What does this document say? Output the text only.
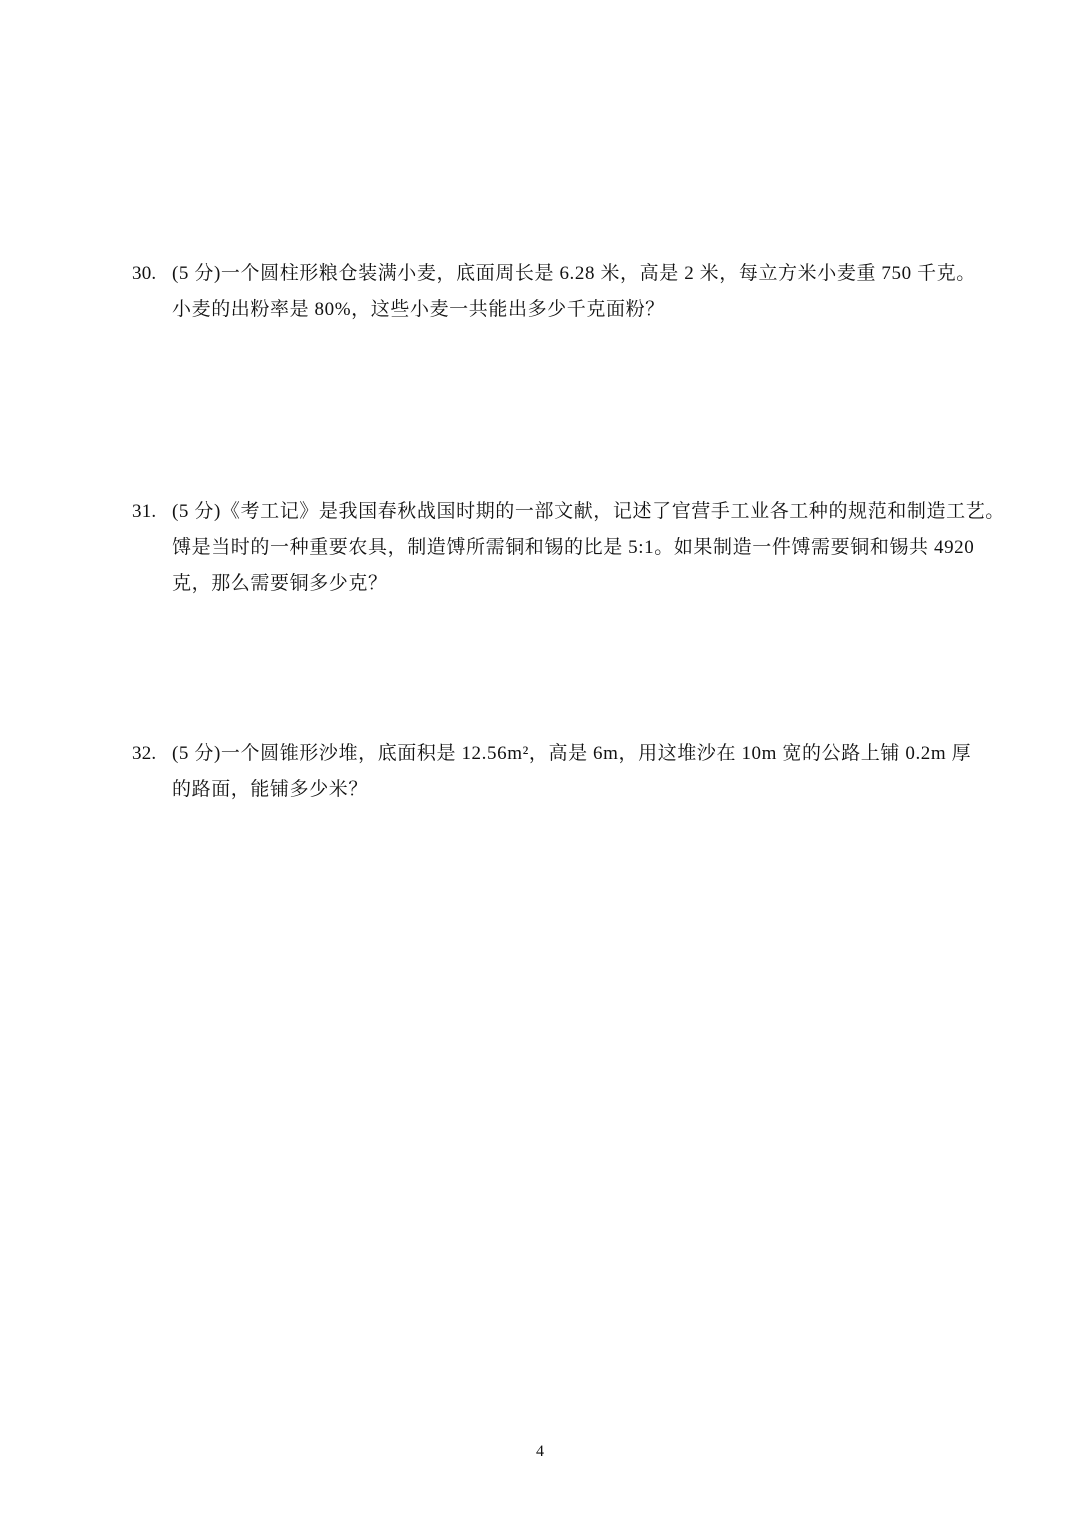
30. (5 分)一个圆柱形粮仓装满小麦，底面周长是 6.28 米，高是 2 米，每立方米小麦重 750 千克。
小麦的出粉率是 80%，这些小麦一共能出多少千克面粉？
31. (5 分)《考工记》是我国春秋战国时期的一部文献，记述了官营手工业各工种的规范和制造工艺。
馎是当时的一种重要农具，制造馎所需铜和锡的比是 5:1。如果制造一件馎需要铜和锡共 4920
克，那么需要铜多少克？
32. (5 分)一个圆锥形沙堆，底面积是 12.56m²，高是 6m，用这堆沙在 10m 宽的公路上铺 0.2m 厚
的路面，能铺多少米？
4
